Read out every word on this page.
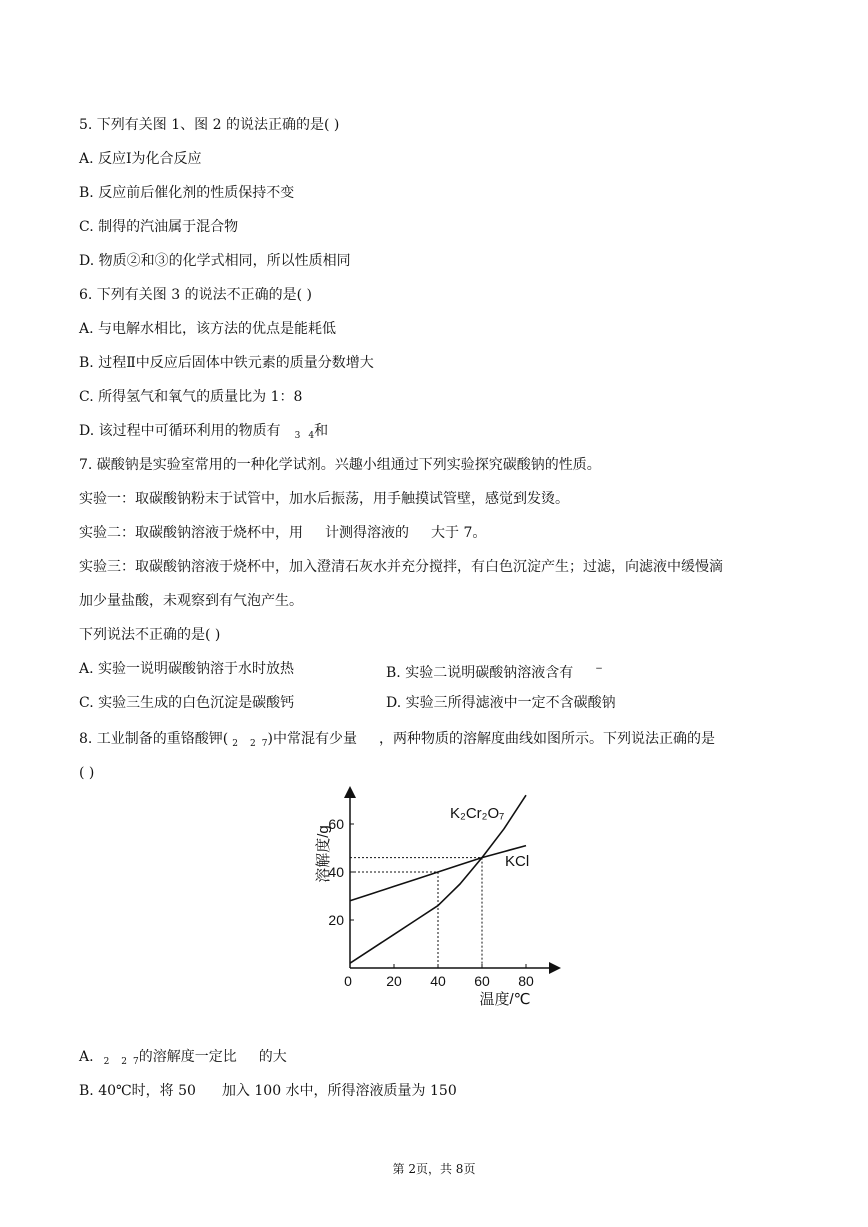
5. 下列有关图 1、图 2 的说法正确的是( )
A. 反应Ⅰ为化合反应
B. 反应前后催化剂的性质保持不变
C. 制得的汽油属于混合物
D. 物质②和③的化学式相同，所以性质相同
6. 下列有关图 3 的说法不正确的是( )
A. 与电解水相比，该方法的优点是能耗低
B. 过程Ⅱ中反应后固体中铁元素的质量分数增大
C. 所得氢气和氧气的质量比为 1：8
D. 该过程中可循环利用的物质有 $_3$ $_4$和
7. 碳酸钠是实验室常用的一种化学试剂。兴趣小组通过下列实验探究碳酸钠的性质。
实验一：取碳酸钠粉末于试管中，加水后振荡，用手触摸试管壁，感觉到发烫。
实验二：取碳酸钠溶液于烧杯中，用 计测得溶液的 大于 7。
实验三：取碳酸钠溶液于烧杯中，加入澄清石灰水并充分搅拌，有白色沉淀产生；过滤，向滤液中缓慢滴
加少量盐酸，未观察到有气泡产生。
下列说法不正确的是( )
A. 实验一说明碳酸钠溶于水时放热	B. 实验二说明碳酸钠溶液含有 −
C. 实验三生成的白色沉淀是碳酸钙	D. 实验三所得滤液中一定不含碳酸钠
8. 工业制备的重铬酸钾( $_2$ $_2$ $_7$)中常混有少量 ，两种物质的溶解度曲线如图所示。下列说法正确的是
( )
0 20 40 60 80
20
40
60
溶解度/g
温度/℃
K₂Cr₂O₇
KCl
A. $_2$ $_2$ $_7$的溶解度一定比 的大
B. 40℃时，将 50 加入 100 水中，所得溶液质量为 150
第 2页，共 8页
